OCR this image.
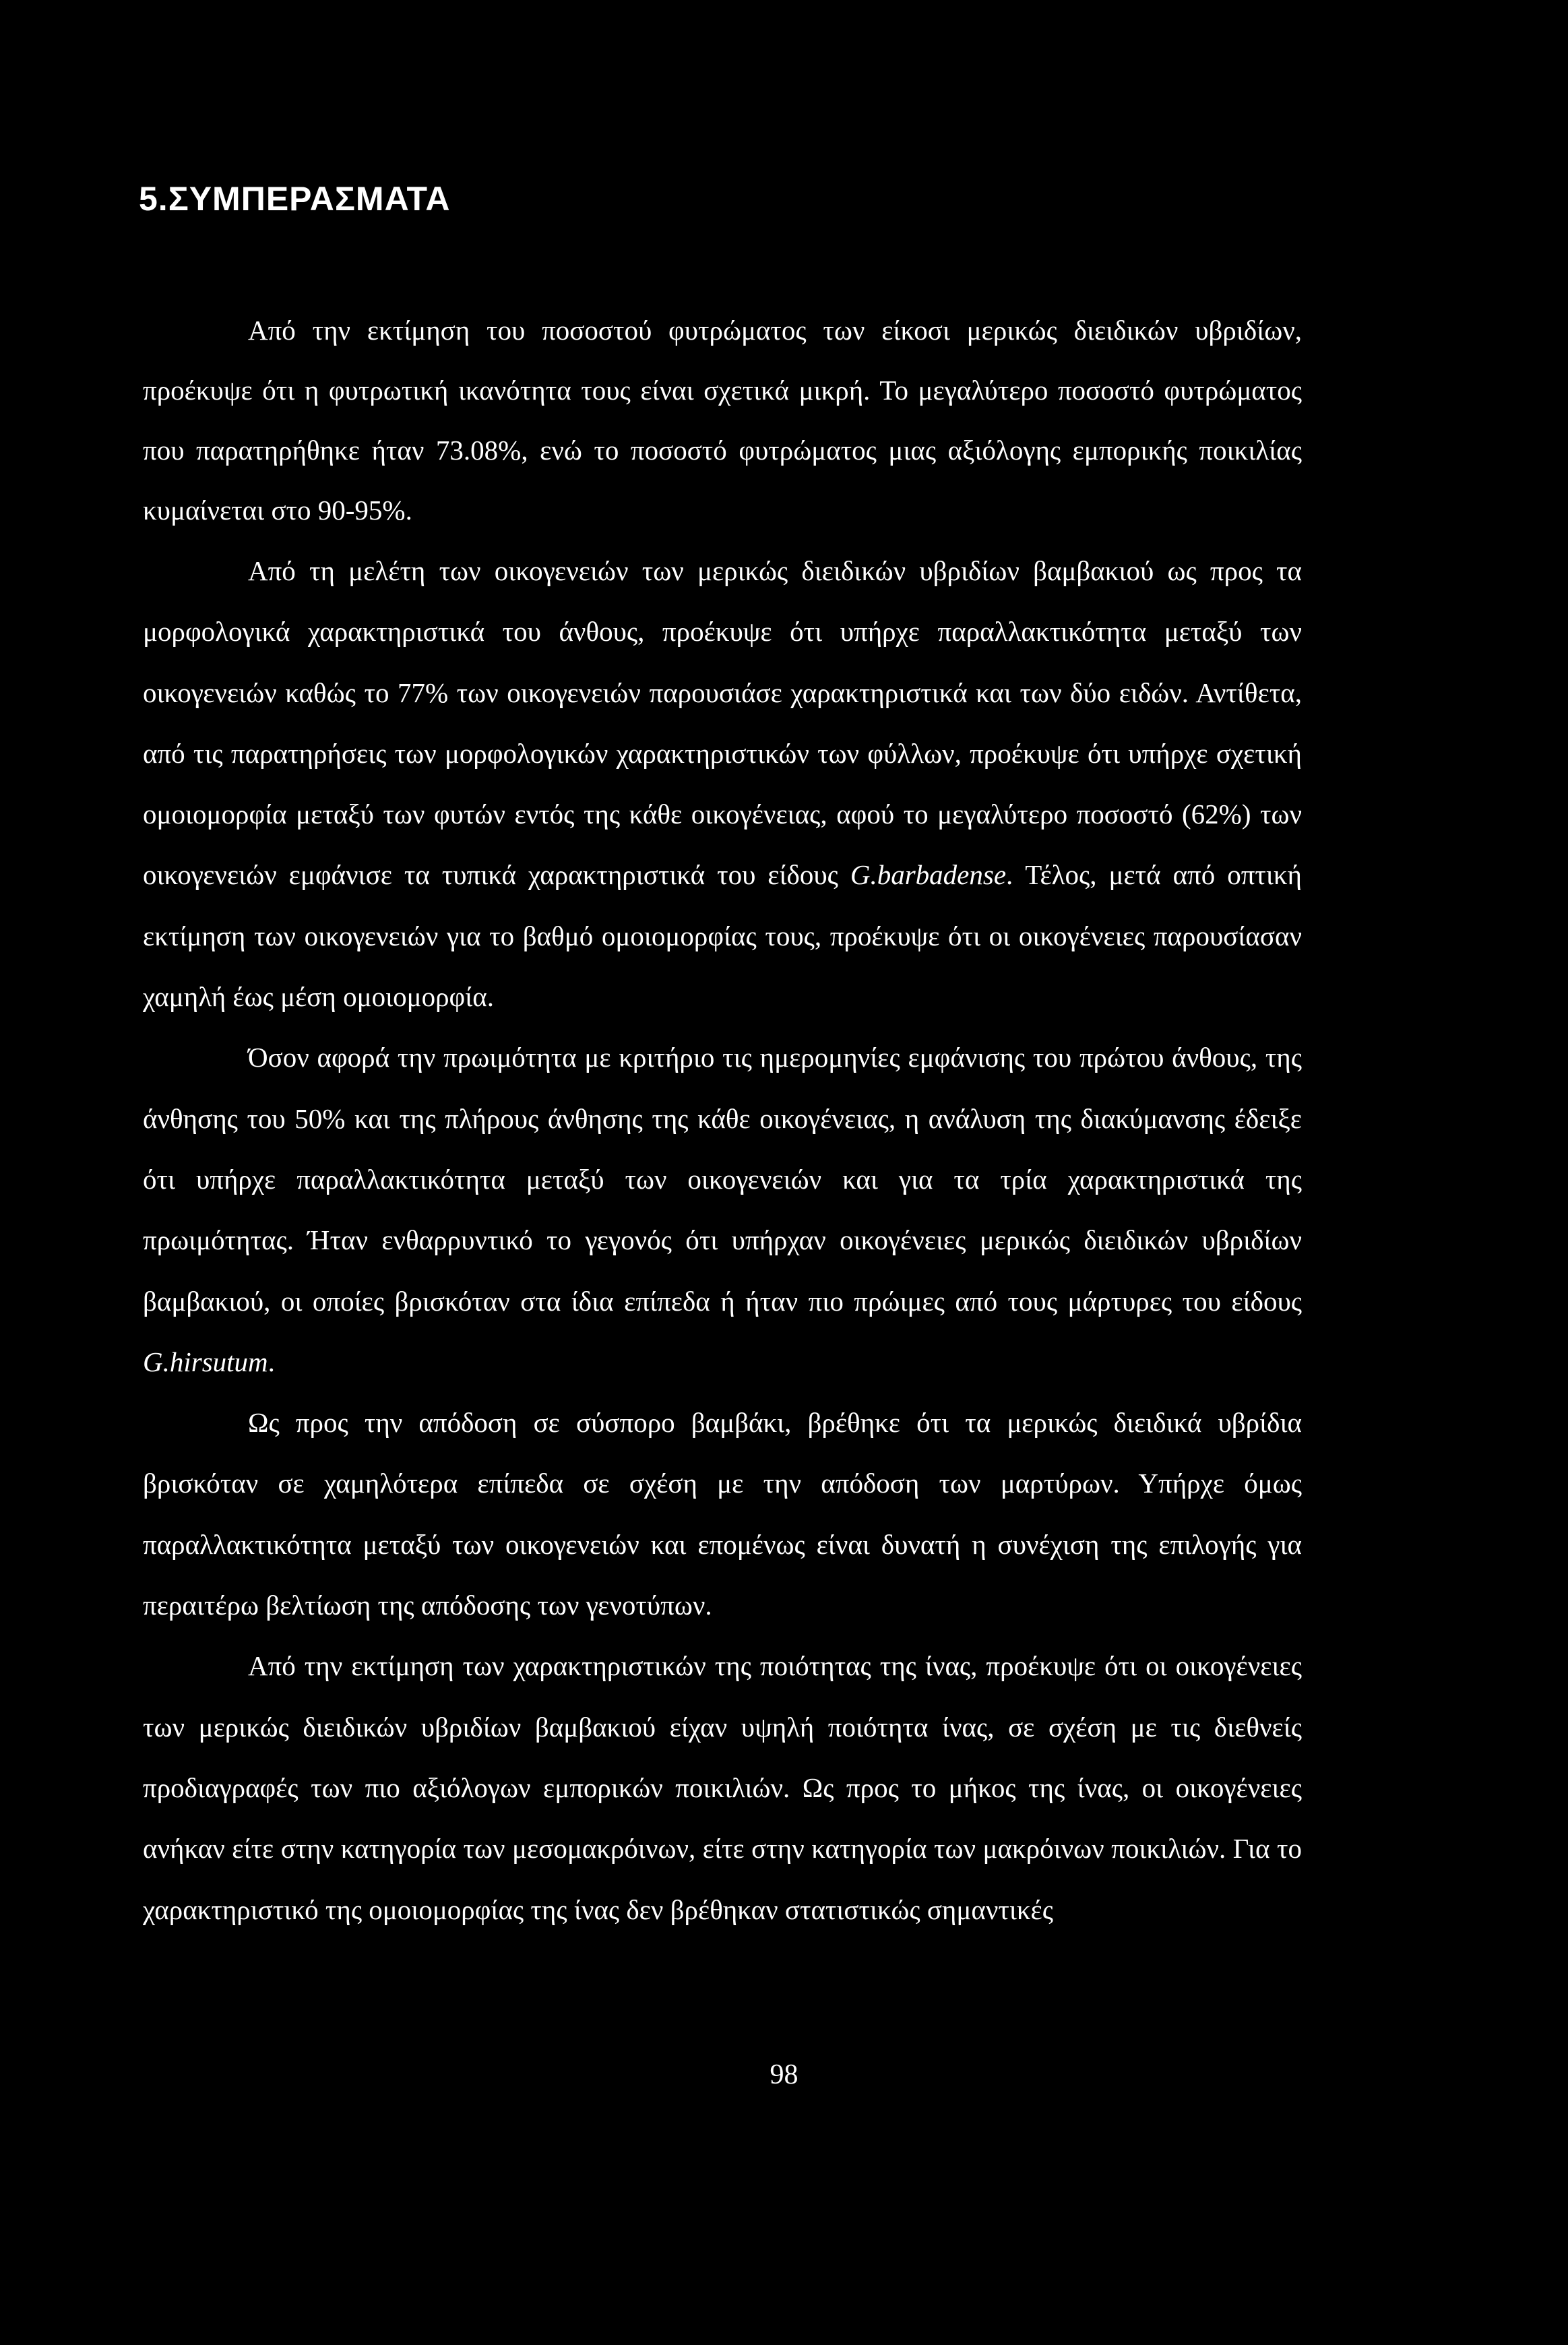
5.ΣΥΜΠΕΡΑΣΜΑΤΑ

Από την εκτίμηση του ποσοστού φυτρώματος των είκοσι μερικώς διειδικών υβριδίων, προέκυψε ότι η φυτρωτική ικανότητα τους είναι σχετικά μικρή. Το μεγαλύτερο ποσοστό φυτρώματος που παρατηρήθηκε ήταν 73.08%, ενώ το ποσοστό φυτρώματος μιας αξιόλογης εμπορικής ποικιλίας κυμαίνεται στο 90-95%.

Από τη μελέτη των οικογενειών των μερικώς διειδικών υβριδίων βαμβακιού ως προς τα μορφολογικά χαρακτηριστικά του άνθους, προέκυψε ότι υπήρχε παραλλακτικότητα μεταξύ των οικογενειών καθώς το 77% των οικογενειών παρουσιάσε χαρακτηριστικά και των δύο ειδών. Αντίθετα, από τις παρατηρήσεις των μορφολογικών χαρακτηριστικών των φύλλων, προέκυψε ότι υπήρχε σχετική ομοιομορφία μεταξύ των φυτών εντός της κάθε οικογένειας, αφού το μεγαλύτερο ποσοστό (62%) των οικογενειών εμφάνισε τα τυπικά χαρακτηριστικά του είδους G.barbadense. Τέλος, μετά από οπτική εκτίμηση των οικογενειών για το βαθμό ομοιομορφίας τους, προέκυψε ότι οι οικογένειες παρουσίασαν χαμηλή έως μέση ομοιομορφία.

Όσον αφορά την πρωιμότητα με κριτήριο τις ημερομηνίες εμφάνισης του πρώτου άνθους, της άνθησης του 50% και της πλήρους άνθησης της κάθε οικογένειας, η ανάλυση της διακύμανσης έδειξε ότι υπήρχε παραλλακτικότητα μεταξύ των οικογενειών και για τα τρία χαρακτηριστικά της πρωιμότητας. Ήταν ενθαρρυντικό το γεγονός ότι υπήρχαν οικογένειες μερικώς διειδικών υβριδίων βαμβακιού, οι οποίες βρισκόταν στα ίδια επίπεδα ή ήταν πιο πρώιμες από τους μάρτυρες του είδους G.hirsutum.

Ως προς την απόδοση σε σύσπορο βαμβάκι, βρέθηκε ότι τα μερικώς διειδικά υβρίδια βρισκόταν σε χαμηλότερα επίπεδα σε σχέση με την απόδοση των μαρτύρων. Υπήρχε όμως παραλλακτικότητα μεταξύ των οικογενειών και επομένως είναι δυνατή η συνέχιση της επιλογής για περαιτέρω βελτίωση της απόδοσης των γενοτύπων.

Από την εκτίμηση των χαρακτηριστικών της ποιότητας της ίνας, προέκυψε ότι οι οικογένειες των μερικώς διειδικών υβριδίων βαμβακιού είχαν υψηλή ποιότητα ίνας, σε σχέση με τις διεθνείς προδιαγραφές των πιο αξιόλογων εμπορικών ποικιλιών. Ως προς το μήκος της ίνας, οι οικογένειες ανήκαν είτε στην κατηγορία των μεσομακρόινων, είτε στην κατηγορία των μακρόινων ποικιλιών. Για το χαρακτηριστικό της ομοιομορφίας της ίνας δεν βρέθηκαν στατιστικώς σημαντικές

98
